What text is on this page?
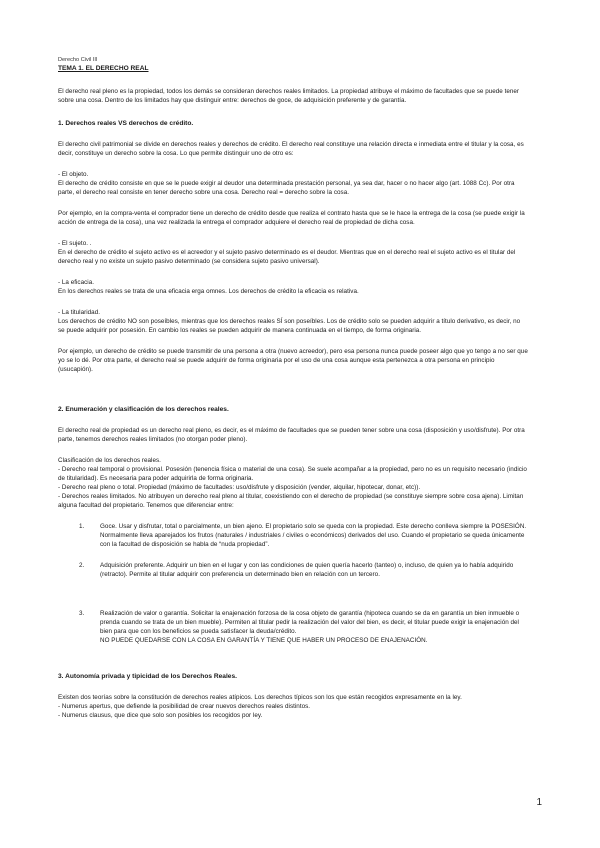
Derecho Civil III

TEMA 1. EL DERECHO REAL

El derecho real pleno es la propiedad, todos los demás se consideran derechos reales limitados. La propiedad atribuye el máximo de facultades que se puede tener sobre una cosa. Dentro de los limitados hay que distinguir entre: derechos de goce, de adquisición preferente y de garantía.

1. Derechos reales VS derechos de crédito.

El derecho civil patrimonial se divide en derechos reales y derechos de crédito. El derecho real constituye una relación directa e inmediata entre el titular y la cosa, es decir, constituye un derecho sobre la cosa. Lo que permite distinguir uno de otro es:

- El objeto.

El derecho de crédito consiste en que se le puede exigir al deudor una determinada prestación personal, ya sea dar, hacer o no hacer algo (art. 1088 Cc). Por otra parte, el derecho real consiste en tener derecho sobre una cosa. Derecho real = derecho sobre la cosa.

Por ejemplo, en la compra-venta el comprador tiene un derecho de crédito desde que realiza el contrato hasta que se le hace la entrega de la cosa (se puede exigir la acción de entrega de la cosa), una vez realizada la entrega el comprador adquiere el derecho real de propiedad de dicha cosa.

- El sujeto. .

En el derecho de crédito el sujeto activo es el acreedor y el sujeto pasivo determinado es el deudor. Mientras que en el derecho real el sujeto activo es el titular del derecho real y no existe un sujeto pasivo determinado (se considera sujeto pasivo universal).

- La eficacia.

En los derechos reales se trata de una eficacia erga omnes. Los derechos de crédito la eficacia es relativa.

- La titularidad.

Los derechos de crédito NO son poseíbles, mientras que los derechos reales SÍ son poseíbles. Los de crédito solo se pueden adquirir a título derivativo, es decir, no se puede adquirir por posesión. En cambio los reales se pueden adquirir de manera continuada en el tiempo, de forma originaria.

Por ejemplo, un derecho de crédito se puede transmitir de una persona a otra (nuevo acreedor), pero esa persona nunca puede poseer algo que yo tengo a no ser que yo se lo dé. Por otra parte, el derecho real se puede adquirir de forma originaria por el uso de una cosa aunque esta pertenezca a otra persona en principio (usucapión).

2. Enumeración y clasificación de los derechos reales.

El derecho real de propiedad es un derecho real pleno, es decir, es el máximo de facultades que se pueden tener sobre una cosa (disposición y uso/disfrute). Por otra parte, tenemos derechos reales limitados (no otorgan poder pleno).

Clasificación de los derechos reales.

- Derecho real temporal o provisional. Posesión (tenencia física o material de una cosa). Se suele acompañar a la propiedad, pero no es un requisito necesario (indicio de titularidad). Es necesaria para poder adquirirla de forma originaria.

- Derecho real pleno o total. Propiedad (máximo de facultades: uso/disfrute y disposición (vender, alquilar, hipotecar, donar, etc)).

- Derechos reales limitados. No atribuyen un derecho real pleno al titular, coexistiendo con el derecho de propiedad (se constituye siempre sobre cosa ajena). Limitan alguna facultad del propietario. Tenemos que diferenciar entre:

1. Goce. Usar y disfrutar, total o parcialmente, un bien ajeno. El propietario solo se queda con la propiedad. Este derecho conlleva siempre la POSESIÓN. Normalmente lleva aparejados los frutos (naturales / industriales / civiles o económicos) derivados del uso. Cuando el propietario se queda únicamente con la facultad de disposición se habla de “nuda propiedad”.

2. Adquisición preferente. Adquirir un bien en el lugar y con las condiciones de quien quería hacerlo (tanteo) o, incluso, de quien ya lo había adquirido (retracto). Permite al titular adquirir con preferencia un determinado bien en relación con un tercero.

3. Realización de valor o garantía. Solicitar la enajenación forzosa de la cosa objeto de garantía (hipoteca cuando se da en garantía un bien inmueble o prenda cuando se trata de un bien mueble). Permiten al titular pedir la realización del valor del bien, es decir, el titular puede exigir la enajenación del bien para que con los beneficios se pueda satisfacer la deuda/crédito.

NO PUEDE QUEDARSE CON LA COSA EN GARANTÍA Y TIENE QUE HABER UN PROCESO DE ENAJENACIÓN.

3. Autonomía privada y tipicidad de los Derechos Reales.

Existen dos teorías sobre la constitución de derechos reales atípicos. Los derechos típicos son los que están recogidos expresamente en la ley.

- Numerus apertus, que defiende la posibilidad de crear nuevos derechos reales distintos.

- Numerus clausus, que dice que solo son posibles los recogidos por ley.

1
